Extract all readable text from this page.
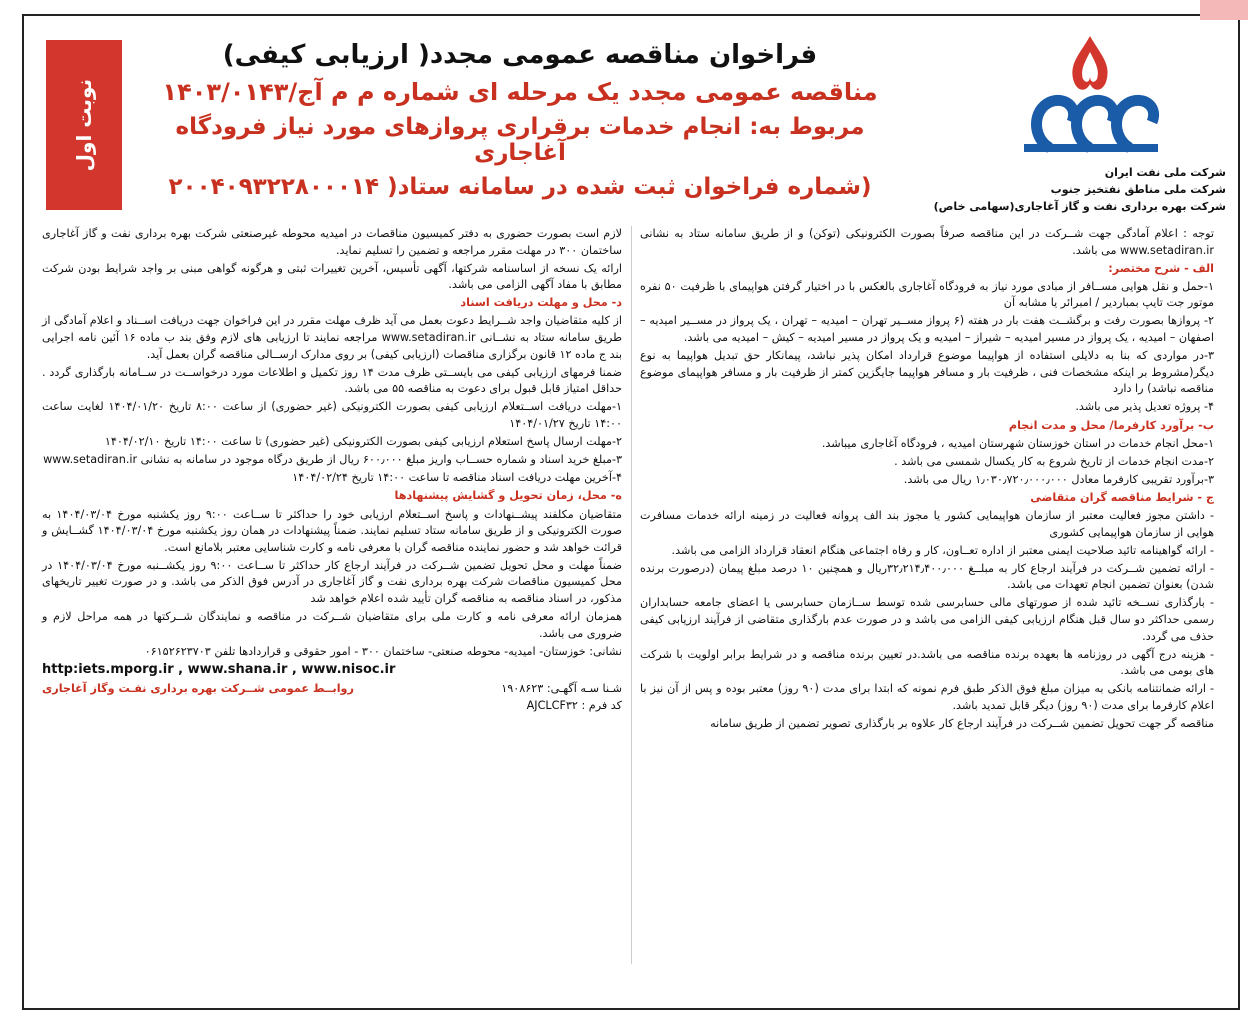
نوبت اول
فراخوان مناقصه عمومی مجدد( ارزیابی کیفی)
مناقصه عمومی مجدد یک مرحله ای شماره م م آج/۱۴۰۳/۰۱۴۳
مربوط به: انجام خدمات برقراری پروازهای مورد نیاز فرودگاه آغاجاری
(شماره فراخوان ثبت شده در سامانه ستاد( ۲۰۰۴۰۹۳۲۲۸۰۰۰۱۴
شرکت ملی نفت ایران
شرکت ملی مناطق نفتخیز جنوب
شرکت بهره برداری نفت و گاز آغاجاری(سهامی خاص)

توجه : اعلام آمادگی جهت شــرکت در این مناقصه صرفاً بصورت الکترونیکی (توکن) و از طریق سامانه ستاد به نشانی www.setadiran.ir می باشد.

الف - شرح مختصر:

۱-حمل و نقل هوایی مســافر از مبادی مورد نیاز به فرودگاه آغاجاری بالعکس با در اختیار گرفتن هواپیمای با ظرفیت ۵۰ نفره موتور جت تایپ بمباردیر / امبرائر یا مشابه آن

۲- پروازها بصورت رفت و برگشــت هفت بار در هفته (۶ پرواز مســیر تهران – امیدیه – تهران ، یک پرواز در مســیر امیدیه – اصفهان – امیدیه ، یک پرواز در مسیر امیدیه – شیراز – امیدیه و یک پرواز در مسیر امیدیه – کیش – امیدیه می باشد.

۳-در مواردی که بنا به دلایلی استفاده از هواپیما موضوع قرارداد امکان پذیر نباشد، پیمانکار حق تبدیل هواپیما به نوع دیگر(مشروط بر اینکه مشخصات فنی ، ظرفیت بار و مسافر هواپیما جایگزین کمتر از ظرفیت بار و مسافر هواپیمای موضوع مناقصه نباشد) را دارد

۴- پروژه تعدیل پذیر می باشد.

ب- برآورد کارفرما/ محل و مدت انجام

۱-محل انجام خدمات در استان خوزستان شهرستان امیدیه ، فرودگاه آغاجاری میباشد.

۲-مدت انجام خدمات از تاریخ شروع به کار یکسال شمسی می باشد .

۳-برآورد تقریبی کارفرما معادل ۱٫۰۳۰٫۷۲۰٫۰۰۰٫۰۰۰ ریال می باشد.

ج - شرایط مناقصه گران متقاضی

- داشتن مجوز فعالیت معتبر از سازمان هواپیمایی کشور یا مجوز بند الف پروانه فعالیت در زمینه ارائه خدمات مسافرت هوایی از سازمان هواپیمایی کشوری

- ارائه گواهینامه تائید صلاحیت ایمنی معتبر از اداره تعــاون، کار و رفاه اجتماعی هنگام انعقاد قرارداد الزامی می باشد.

- ارائه تضمین شــرکت در فرآیند ارجاع کار به مبلــغ ۳۲٫۲۱۴٫۴۰۰٫۰۰۰ریال و همچنین ۱۰ درصد مبلغ پیمان (درصورت برنده شدن) بعنوان تضمین انجام تعهدات می باشد.

- بارگذاری نســخه تائید شده از صورتهای مالی حسابرسی شده توسط ســازمان حسابرسی یا اعضای جامعه حسابداران رسمی حداکثر دو سال قبل هنگام ارزیابی کیفی الزامی می باشد و در صورت عدم بارگذاری متقاضی از فرآیند ارزیابی کیفی حذف می گردد.

- هزینه درج آگهی در روزنامه ها بعهده برنده مناقصه می باشد.در تعیین برنده مناقصه و در شرایط برابر اولویت با شرکت های بومی می باشد.

- ارائه ضمانتنامه بانکی به میزان مبلغ فوق الذکر طبق فرم نمونه که ابتدا برای مدت (۹۰ روز) معتبر بوده و پس از آن نیز با اعلام کارفرما برای مدت (۹۰ روز) دیگر قابل تمدید باشد.

مناقصه گر جهت تحویل تضمین شــرکت در فرآیند ارجاع کار علاوه بر بارگذاری تصویر تضمین از طریق سامانه

لازم است بصورت حضوری به دفتر کمیسیون مناقصات در امیدیه محوطه غیرصنعتی شرکت بهره برداری نفت و گاز آغاجاری ساختمان ۳۰۰ در مهلت مقرر مراجعه و تضمین را تسلیم نماید.

ارائه یک نسخه از اساسنامه شرکتها، آگهی تأسیس، آخرین تغییرات ثبتی و هرگونه گواهی مبنی بر واجد شرایط بودن شرکت مطابق با مفاد آگهی الزامی می باشد.

د- محل و مهلت دریافت اسناد

از کلیه متقاضیان واجد شــرایط دعوت بعمل می آید ظرف مهلت مقرر در این فراخوان جهت دریافت اســناد و اعلام آمادگی از طریق سامانه ستاد به نشــانی www.setadiran.ir مراجعه نمایند تا ارزیابی های لازم وفق بند ب ماده ۱۶ آئین نامه اجرایی بند ج ماده ۱۲ قانون برگزاری مناقصات (ارزیابی کیفی) بر روی مدارک ارســالی مناقصه گران بعمل آید.

ضمنا فرمهای ارزیابی کیفی می بایســتی ظرف مدت ۱۴ روز تکمیل و اطلاعات مورد درخواســت در ســامانه بارگذاری گردد . حداقل امتیاز قابل قبول برای دعوت به مناقصه ۵۵ می باشد.

۱-مهلت دریافت اســتعلام ارزیابی کیفی بصورت الکترونیکی (غیر حضوری) از ساعت ۸:۰۰ تاریخ ۱۴۰۴/۰۱/۲۰ لغایت ساعت ۱۴:۰۰ تاریخ ۱۴۰۴/۰۱/۲۷

۲-مهلت ارسال پاسخ استعلام ارزیابی کیفی بصورت الکترونیکی (غیر حضوری) تا ساعت ۱۴:۰۰ تاریخ ۱۴۰۴/۰۲/۱۰

۳-مبلغ خرید اسناد و شماره حســاب واریز مبلغ ۶۰۰٫۰۰۰ ریال از طریق درگاه موجود در سامانه به نشانی www.setadiran.ir

۴-آخرین مهلت دریافت اسناد مناقصه تا ساعت ۱۴:۰۰ تاریخ ۱۴۰۴/۰۲/۲۴

ه- محل، زمان تحویل و گشایش پیشنهادها

متقاضیان مکلفند پیشــنهادات و پاسخ اســتعلام ارزیابی خود را حداکثر تا ســاعت ۹:۰۰ روز یکشنبه مورخ ۱۴۰۴/۰۳/۰۴ به صورت الکترونیکی و از طریق سامانه ستاد تسلیم نمایند. ضمناً پیشنهادات در همان روز یکشنبه مورخ ۱۴۰۴/۰۳/۰۴ گشــایش و قرائت خواهد شد و حضور نماینده مناقصه گران با معرفی نامه و کارت شناسایی معتبر بلامانع است.

ضمناً مهلت و محل تحویل تضمین شــرکت در فرآیند ارجاع کار حداکثر تا ســاعت ۹:۰۰ روز یکشــنبه مورخ ۱۴۰۴/۰۳/۰۴ در محل کمیسیون مناقصات شرکت بهره برداری نفت و گاز آغاجاری در آدرس فوق الذکر می باشد. و در صورت تغییر تاریخهای مذکور، در اسناد مناقصه به مناقصه گران تأیید شده اعلام خواهد شد

همزمان ارائه معرفی نامه و کارت ملی برای متقاضیان شــرکت در مناقصه و نمایندگان شــرکتها در همه مراحل لازم و ضروری می باشد.

نشانی: خوزستان- امیدیه- محوطه صنعتی- ساختمان ۳۰۰ - امور حقوقی و قراردادها تلفن ۰۶۱۵۲۶۲۳۷۰۳

http:iets.mporg.ir , www.shana.ir , www.nisoc.ir

شـنا سـه آگهـی: ۱۹۰۸۶۲۳
روابــط عمومی شــرکت بهره برداری نفـت وگاز آغاجاری

کد فرم : AJCLCF۳۲
